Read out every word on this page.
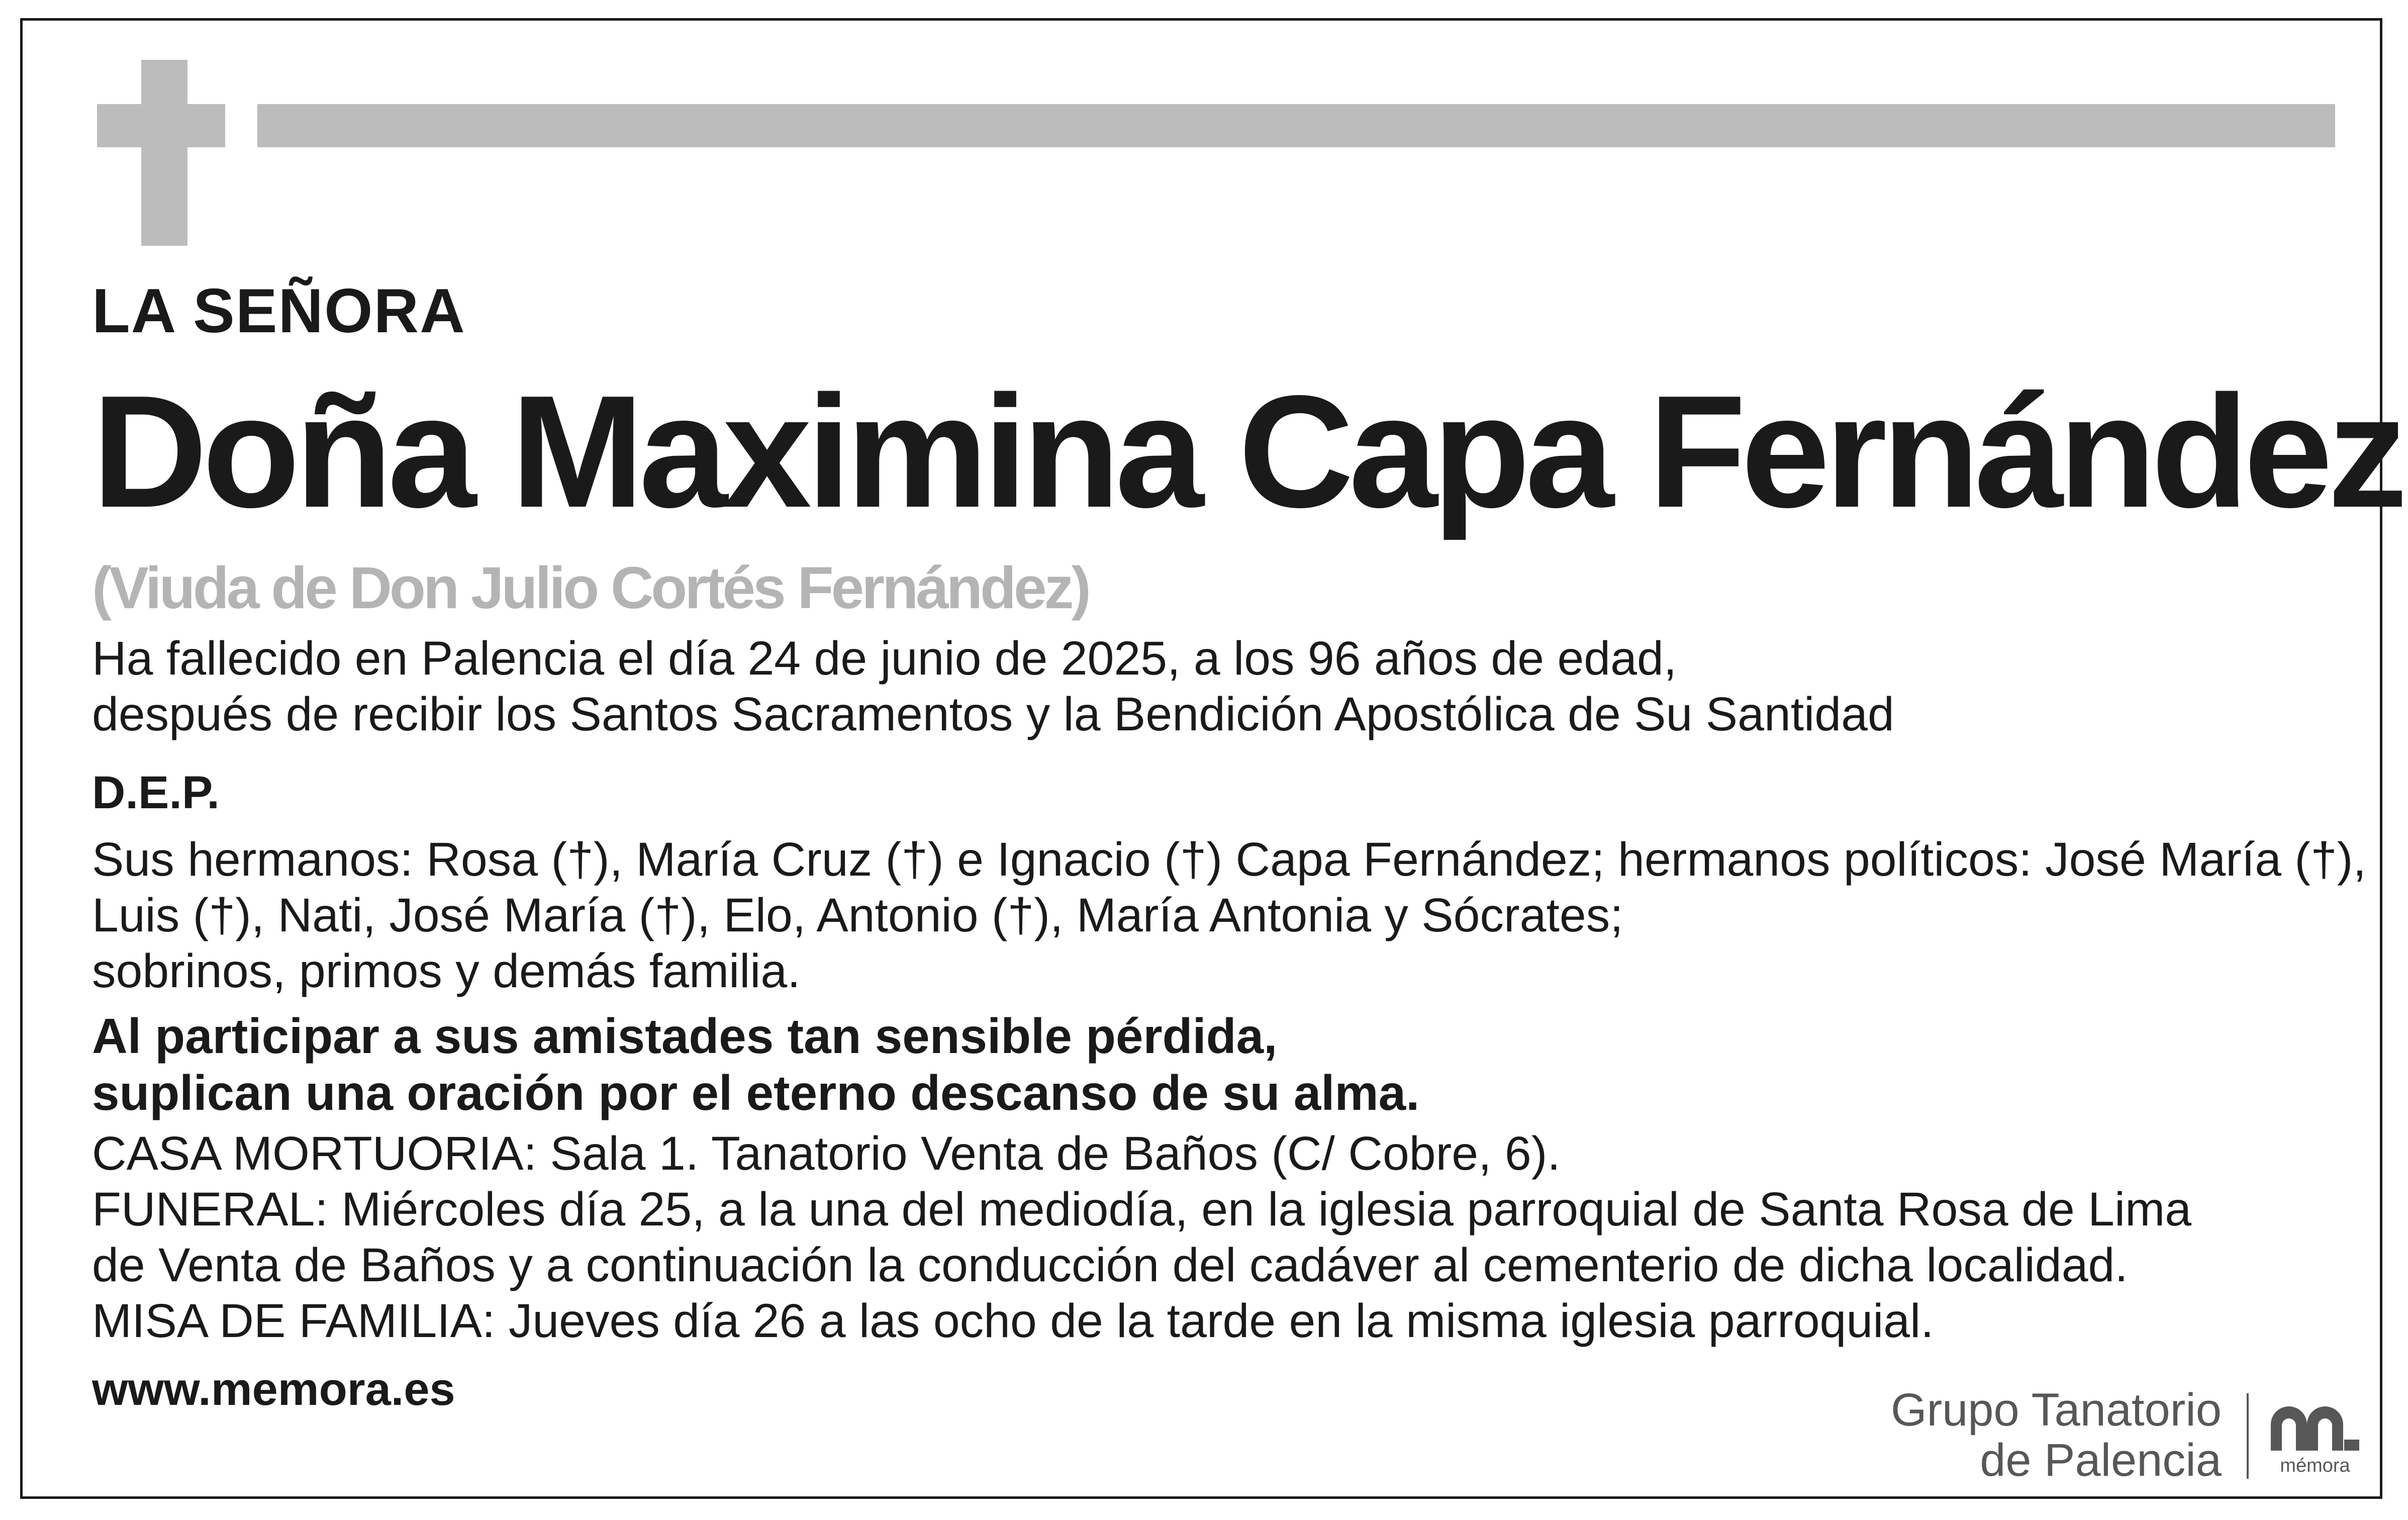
LA SEÑORA
Doña Maximina Capa Fernández
(Viuda de Don Julio Cortés Fernández)
Ha fallecido en Palencia el día 24 de junio de 2025, a los 96 años de edad,
después de recibir los Santos Sacramentos y la Bendición Apostólica de Su Santidad
D.E.P.
Sus hermanos: Rosa (†), María Cruz (†) e Ignacio (†) Capa Fernández; hermanos políticos: José María (†),
Luis (†), Nati, José María (†), Elo, Antonio (†), María Antonia y Sócrates;
sobrinos, primos y demás familia.
Al participar a sus amistades tan sensible pérdida,
suplican una oración por el eterno descanso de su alma.
CASA MORTUORIA: Sala 1. Tanatorio Venta de Baños (C/ Cobre, 6).
FUNERAL: Miércoles día 25, a la una del mediodía, en la iglesia parroquial de Santa Rosa de Lima
de Venta de Baños y a continuación la conducción del cadáver al cementerio de dicha localidad.
MISA DE FAMILIA: Jueves día 26 a las ocho de la tarde en la misma iglesia parroquial.
www.memora.es	Grupo Tanatorio
de Palencia	mémora
